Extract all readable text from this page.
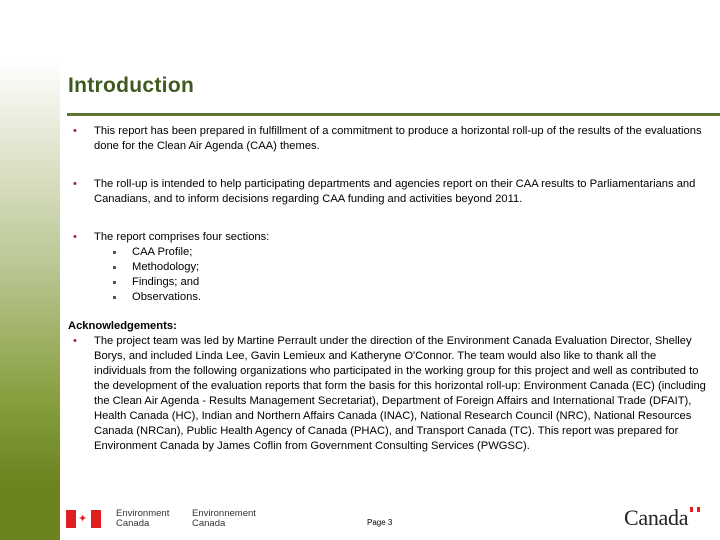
Introduction
• This report has been prepared in fulfillment of a commitment to produce a horizontal roll-up of the results of the evaluations done for the Clean Air Agenda (CAA) themes.
• The roll-up is intended to help participating departments and agencies report on their CAA results to Parliamentarians and Canadians, and to inform decisions regarding CAA funding and activities beyond 2011.
• The report comprises four sections:
CAA Profile;
Methodology;
Findings; and
Observations.
Acknowledgements:
• The project team was led by Martine Perrault under the direction of the Environment Canada Evaluation Director, Shelley Borys, and included Linda Lee, Gavin Lemieux and Katheryne O'Connor. The team would also like to thank all the individuals from the following organizations who participated in the working group for this project and well as contributed to the development of the evaluation reports that form the basis for this horizontal roll-up: Environment Canada (EC) (including the Clean Air Agenda - Results Management Secretariat), Department of Foreign Affairs and International Trade (DFAIT), Health Canada (HC), Indian and Northern Affairs Canada (INAC), National Research Council (NRC), National Resources Canada (NRCan), Public Health Agency of Canada (PHAC), and Transport Canada (TC). This report was prepared for Environment Canada by James Coflin from Government Consulting Services (PWGSC).
✦	Environment
Canada
Environnement
Canada	Page 3	Canada
